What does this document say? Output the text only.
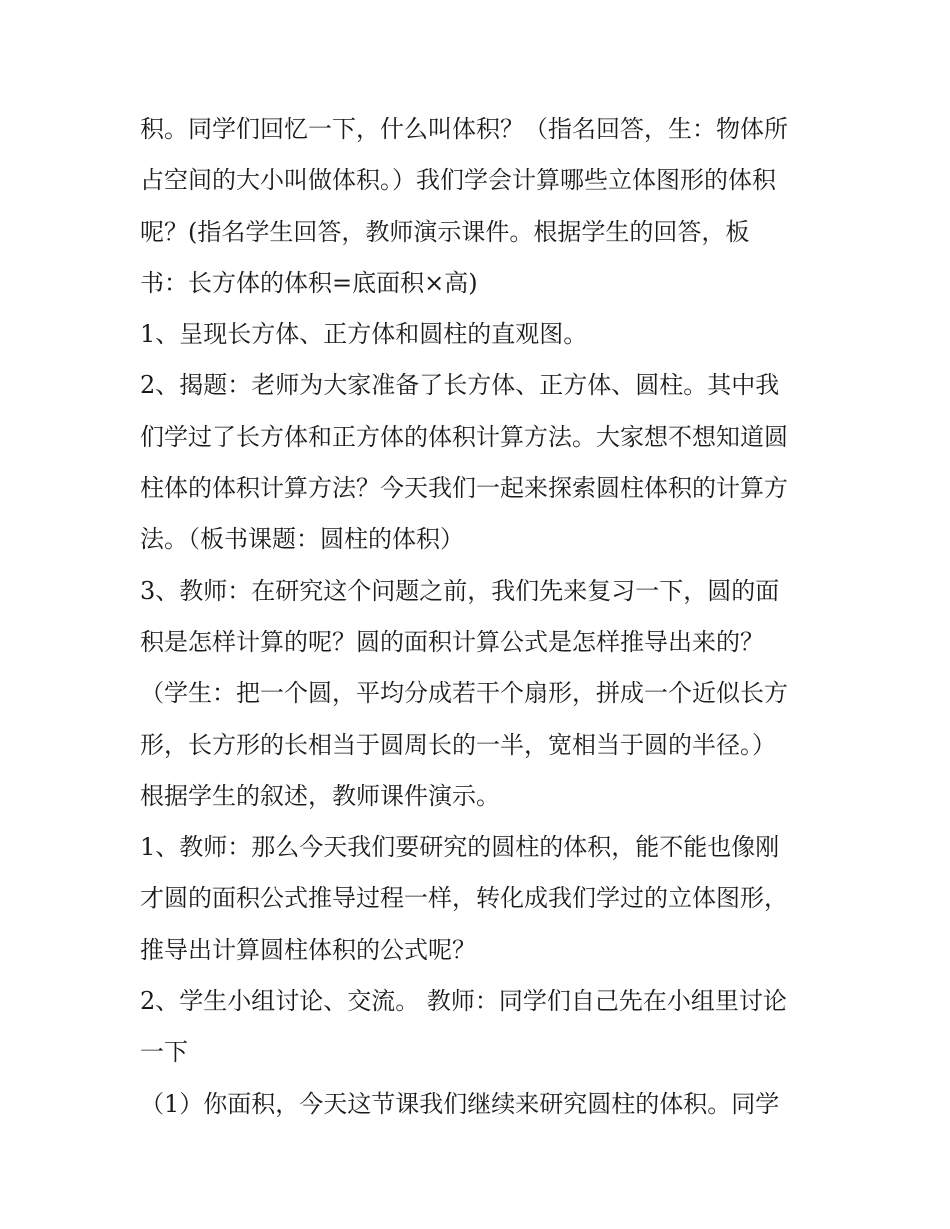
积。同学们回忆一下，什么叫体积？（指名回答，生：物体所
占空间的大小叫做体积。）我们学会计算哪些立体图形的体积
呢？(指名学生回答，教师演示课件。根据学生的回答，板
书：长方体的体积=底面积×高)
1、呈现长方体、正方体和圆柱的直观图。
2、揭题：老师为大家准备了长方体、正方体、圆柱。其中我
们学过了长方体和正方体的体积计算方法。大家想不想知道圆
柱体的体积计算方法？今天我们一起来探索圆柱体积的计算方
法。（板书课题：圆柱的体积）
3、教师：在研究这个问题之前，我们先来复习一下，圆的面
积是怎样计算的呢？圆的面积计算公式是怎样推导出来的？
（学生：把一个圆，平均分成若干个扇形，拼成一个近似长方
形，长方形的长相当于圆周长的一半，宽相当于圆的半径。）
根据学生的叙述，教师课件演示。
1、教师：那么今天我们要研究的圆柱的体积，能不能也像刚
才圆的面积公式推导过程一样，转化成我们学过的立体图形，
推导出计算圆柱体积的公式呢？
2、学生小组讨论、交流。 教师：同学们自己先在小组里讨论
一下
（1）你面积，今天这节课我们继续来研究圆柱的体积。同学
